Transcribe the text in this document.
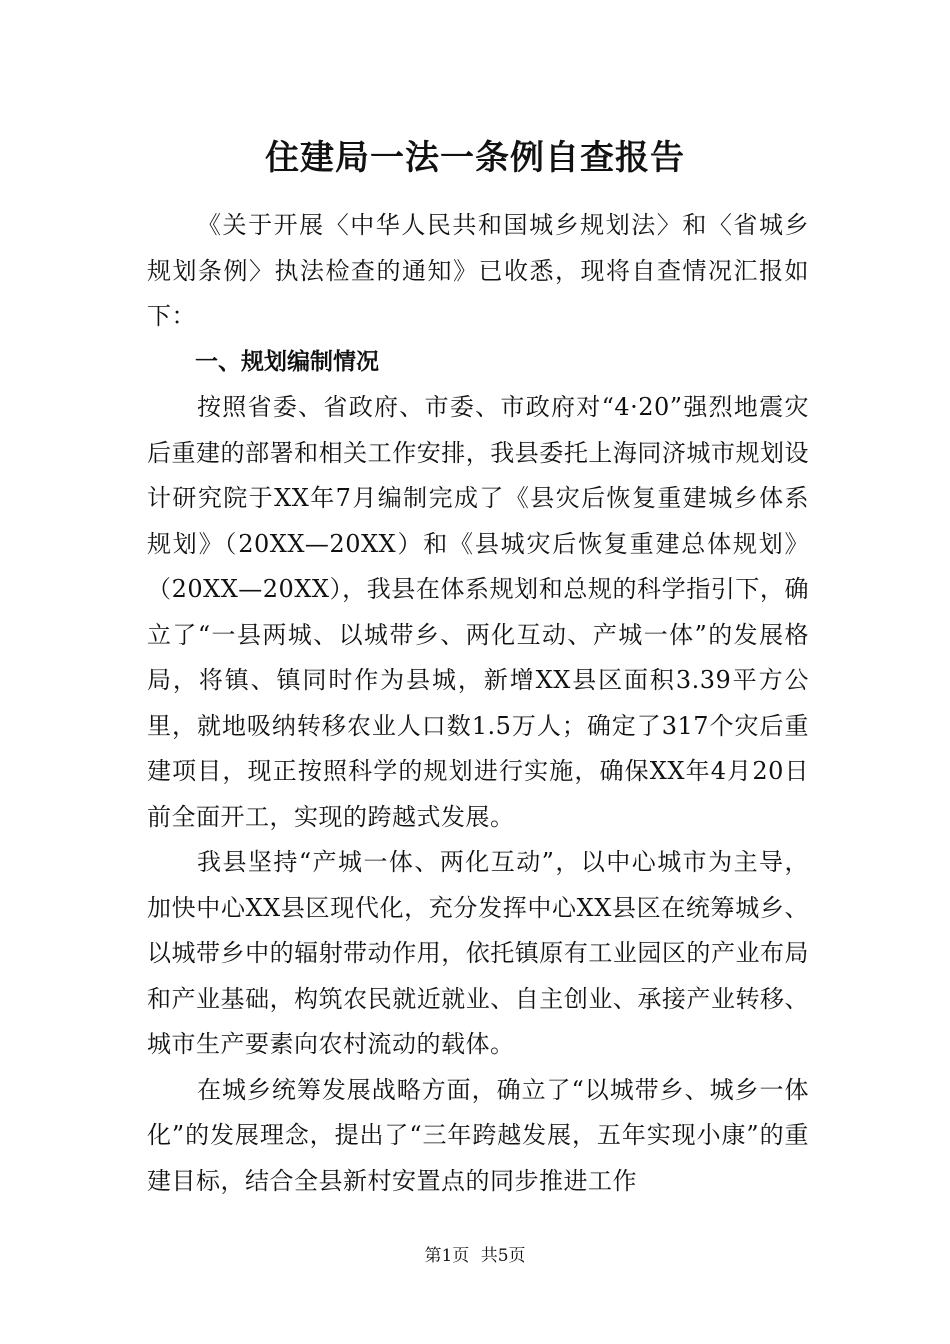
住建局一法一条例自查报告

《关于开展〈中华人民共和国城乡规划法〉和〈省城乡规划条例〉执法检查的通知》已收悉，现将自查情况汇报如下：

一、规划编制情况

按照省委、省政府、市委、市政府对“4·20”强烈地震灾后重建的部署和相关工作安排，我县委托上海同济城市规划设计研究院于XX年7月编制完成了《县灾后恢复重建城乡体系规划》（20XX—20XX）和《县城灾后恢复重建总体规划》（20XX—20XX），我县在体系规划和总规的科学指引下，确立了“一县两城、以城带乡、两化互动、产城一体”的发展格局，将镇、镇同时作为县城，新增XX县区面积3.39平方公里，就地吸纳转移农业人口数1.5万人；确定了317个灾后重建项目，现正按照科学的规划进行实施，确保XX年4月20日前全面开工，实现的跨越式发展。

我县坚持“产城一体、两化互动”，以中心城市为主导，加快中心XX县区现代化，充分发挥中心XX县区在统筹城乡、以城带乡中的辐射带动作用，依托镇原有工业园区的产业布局和产业基础，构筑农民就近就业、自主创业、承接产业转移、城市生产要素向农村流动的载体。

在城乡统筹发展战略方面，确立了“以城带乡、城乡一体化”的发展理念，提出了“三年跨越发展，五年实现小康”的重建目标，结合全县新村安置点的同步推进工作

第1页 共5页
